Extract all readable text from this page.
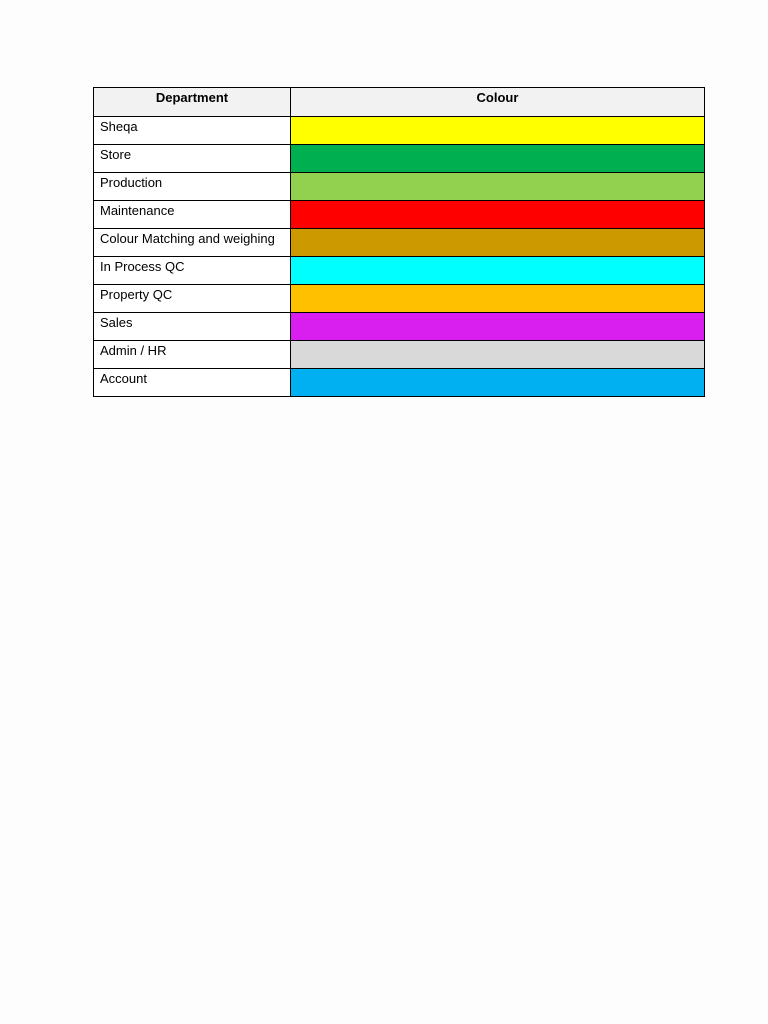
Department	Colour
Sheqa	
Store	
Production	
Maintenance	
Colour Matching and weighing	
In Process QC	
Property QC	
Sales	
Admin / HR	
Account	
